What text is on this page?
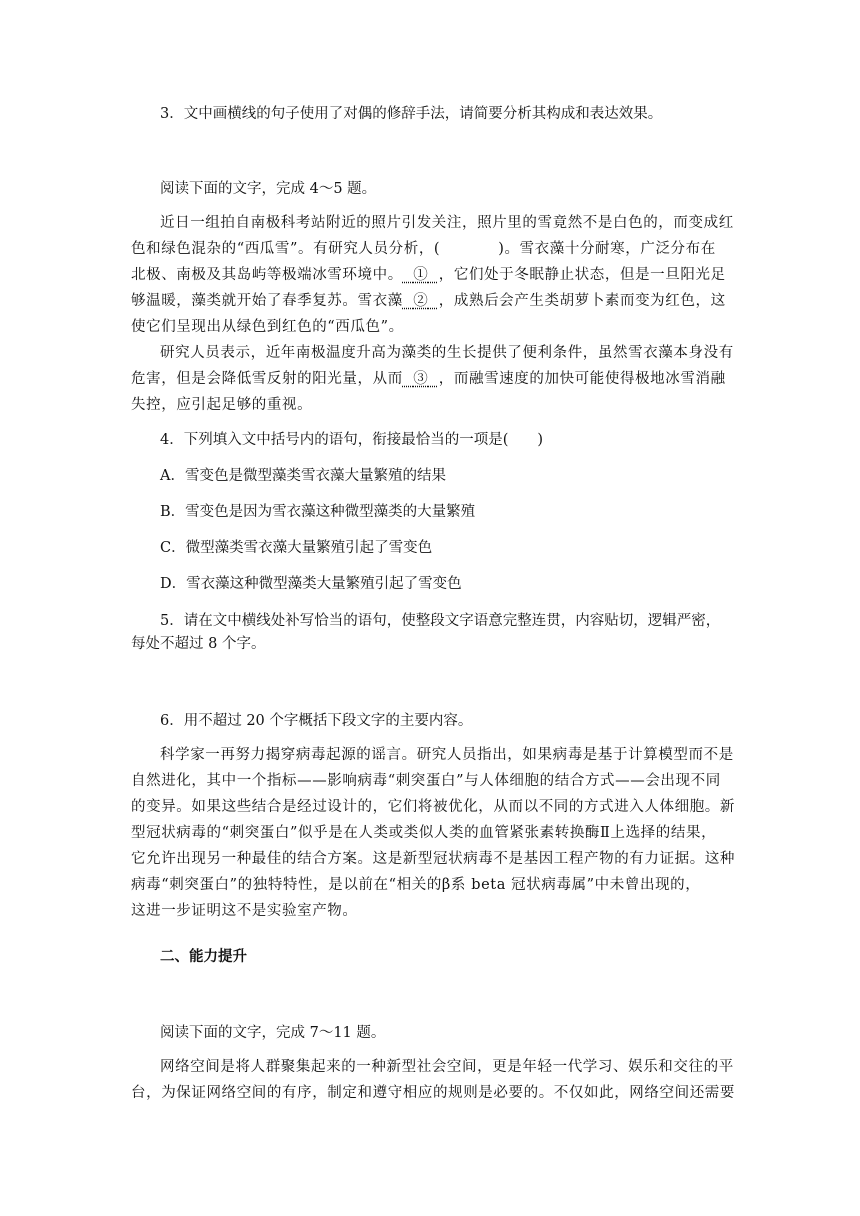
3．文中画横线的句子使用了对偶的修辞手法，请简要分析其构成和表达效果。
阅读下面的文字，完成 4～5 题。
近日一组拍自南极科考站附近的照片引发关注，照片里的雪竟然不是白色的，而变成红
色和绿色混杂的“西瓜雪”。有研究人员分析，(	)。雪衣藻十分耐寒，广泛分布在
北极、南极及其岛屿等极端冰雪环境中。 ① ，它们处于冬眠静止状态，但是一旦阳光足
够温暖，藻类就开始了春季复苏。雪衣藻 ② ，成熟后会产生类胡萝卜素而变为红色，这
使它们呈现出从绿色到红色的“西瓜色”。
研究人员表示，近年南极温度升高为藻类的生长提供了便利条件，虽然雪衣藻本身没有
危害，但是会降低雪反射的阳光量，从而 ③ ，而融雪速度的加快可能使得极地冰雪消融
失控，应引起足够的重视。
4．下列填入文中括号内的语句，衔接最恰当的一项是(　　)
A．雪变色是微型藻类雪衣藻大量繁殖的结果
B．雪变色是因为雪衣藻这种微型藻类的大量繁殖
C．微型藻类雪衣藻大量繁殖引起了雪变色
D．雪衣藻这种微型藻类大量繁殖引起了雪变色
5．请在文中横线处补写恰当的语句，使整段文字语意完整连贯，内容贴切，逻辑严密，
每处不超过 8 个字。
6．用不超过 20 个字概括下段文字的主要内容。
科学家一再努力揭穿病毒起源的谣言。研究人员指出，如果病毒是基于计算模型而不是
自然进化，其中一个指标——影响病毒“刺突蛋白”与人体细胞的结合方式——会出现不同
的变异。如果这些结合是经过设计的，它们将被优化，从而以不同的方式进入人体细胞。新
型冠状病毒的“刺突蛋白”似乎是在人类或类似人类的血管紧张素转换酶Ⅱ上选择的结果，
它允许出现另一种最佳的结合方案。这是新型冠状病毒不是基因工程产物的有力证据。这种
病毒“刺突蛋白”的独特特性，是以前在“相关的β系 beta 冠状病毒属”中未曾出现的，
这进一步证明这不是实验室产物。
二、能力提升
阅读下面的文字，完成 7～11 题。
网络空间是将人群聚集起来的一种新型社会空间，更是年轻一代学习、娱乐和交往的平
台，为保证网络空间的有序，制定和遵守相应的规则是必要的。不仅如此，网络空间还需要
